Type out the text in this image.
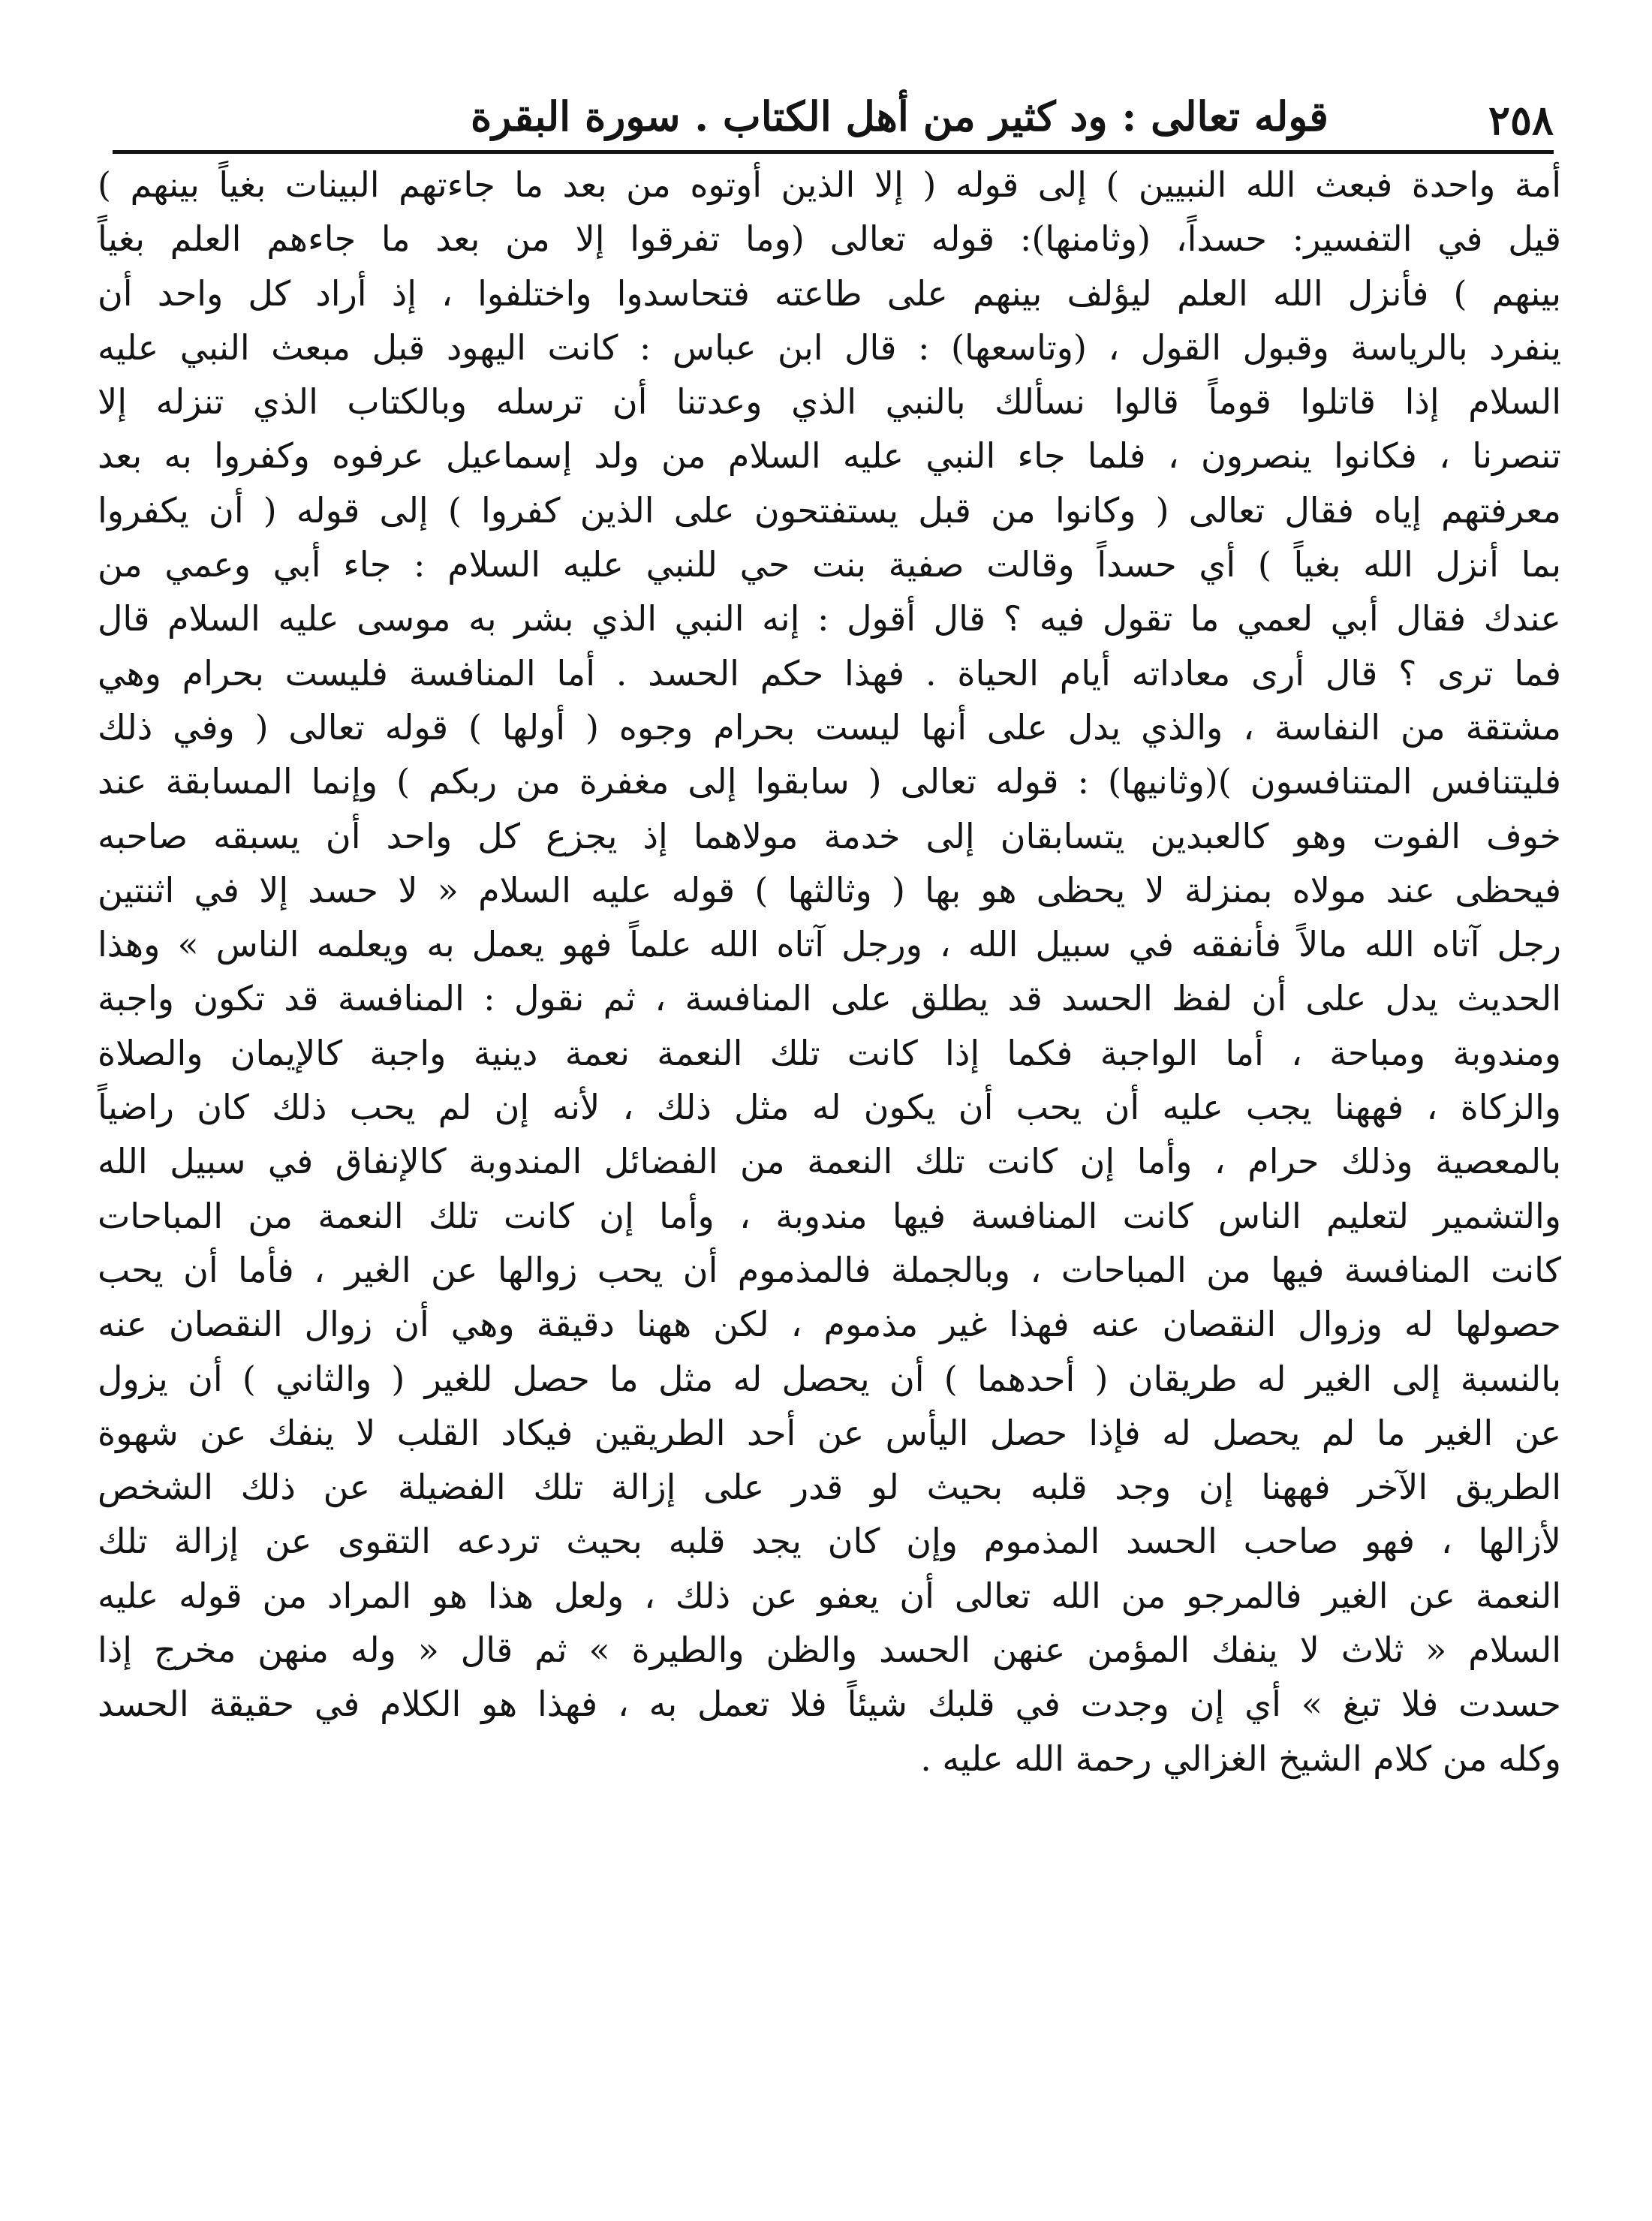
٢٥٨
قوله تعالى : ود كثير من أهل الكتاب . سورة البقرة
أمة واحدة فبعث الله النبيين ) إلى قوله ( إلا الذين أوتوه من بعد ما جاءتهم البينات بغياً بينهم )
قيل في التفسير: حسداً، (وثامنها): قوله تعالى (وما تفرقوا إلا من بعد ما جاءهم العلم بغياً
بينهم ) فأنزل الله العلم ليؤلف بينهم على طاعته فتحاسدوا واختلفوا ، إذ أراد كل واحد أن
ينفرد بالرياسة وقبول القول ، (وتاسعها) : قال ابن عباس : كانت اليهود قبل مبعث النبي عليه
السلام إذا قاتلوا قوماً قالوا نسألك بالنبي الذي وعدتنا أن ترسله وبالكتاب الذي تنزله إلا
تنصرنا ، فكانوا ينصرون ، فلما جاء النبي عليه السلام من ولد إسماعيل عرفوه وكفروا به بعد
معرفتهم إياه فقال تعالى ( وكانوا من قبل يستفتحون على الذين كفروا ) إلى قوله ( أن يكفروا
بما أنزل الله بغياً ) أي حسداً وقالت صفية بنت حي للنبي عليه السلام : جاء أبي وعمي من
عندك فقال أبي لعمي ما تقول فيه ؟ قال أقول : إنه النبي الذي بشر به موسى عليه السلام قال
فما ترى ؟ قال أرى معاداته أيام الحياة . فهذا حكم الحسد . أما المنافسة فليست بحرام وهي
مشتقة من النفاسة ، والذي يدل على أنها ليست بحرام وجوه ( أولها ) قوله تعالى ( وفي ذلك
فليتنافس المتنافسون )(وثانيها) : قوله تعالى ( سابقوا إلى مغفرة من ربكم ) وإنما المسابقة عند
خوف الفوت وهو كالعبدين يتسابقان إلى خدمة مولاهما إذ يجزع كل واحد أن يسبقه صاحبه
فيحظى عند مولاه بمنزلة لا يحظى هو بها ( وثالثها ) قوله عليه السلام « لا حسد إلا في اثنتين
رجل آتاه الله مالاً فأنفقه في سبيل الله ، ورجل آتاه الله علماً فهو يعمل به ويعلمه الناس » وهذا
الحديث يدل على أن لفظ الحسد قد يطلق على المنافسة ، ثم نقول : المنافسة قد تكون واجبة
ومندوبة ومباحة ، أما الواجبة فكما إذا كانت تلك النعمة نعمة دينية واجبة كالإيمان والصلاة
والزكاة ، فههنا يجب عليه أن يحب أن يكون له مثل ذلك ، لأنه إن لم يحب ذلك كان راضياً
بالمعصية وذلك حرام ، وأما إن كانت تلك النعمة من الفضائل المندوبة كالإنفاق في سبيل الله
والتشمير لتعليم الناس كانت المنافسة فيها مندوبة ، وأما إن كانت تلك النعمة من المباحات
كانت المنافسة فيها من المباحات ، وبالجملة فالمذموم أن يحب زوالها عن الغير ، فأما أن يحب
حصولها له وزوال النقصان عنه فهذا غير مذموم ، لكن ههنا دقيقة وهي أن زوال النقصان عنه
بالنسبة إلى الغير له طريقان ( أحدهما ) أن يحصل له مثل ما حصل للغير ( والثاني ) أن يزول
عن الغير ما لم يحصل له فإذا حصل اليأس عن أحد الطريقين فيكاد القلب لا ينفك عن شهوة
الطريق الآخر فههنا إن وجد قلبه بحيث لو قدر على إزالة تلك الفضيلة عن ذلك الشخص
لأزالها ، فهو صاحب الحسد المذموم وإن كان يجد قلبه بحيث تردعه التقوى عن إزالة تلك
النعمة عن الغير فالمرجو من الله تعالى أن يعفو عن ذلك ، ولعل هذا هو المراد من قوله عليه
السلام « ثلاث لا ينفك المؤمن عنهن الحسد والظن والطيرة » ثم قال « وله منهن مخرج إذا
حسدت فلا تبغ » أي إن وجدت في قلبك شيئاً فلا تعمل به ، فهذا هو الكلام في حقيقة الحسد
وكله من كلام الشيخ الغزالي رحمة الله عليه .
